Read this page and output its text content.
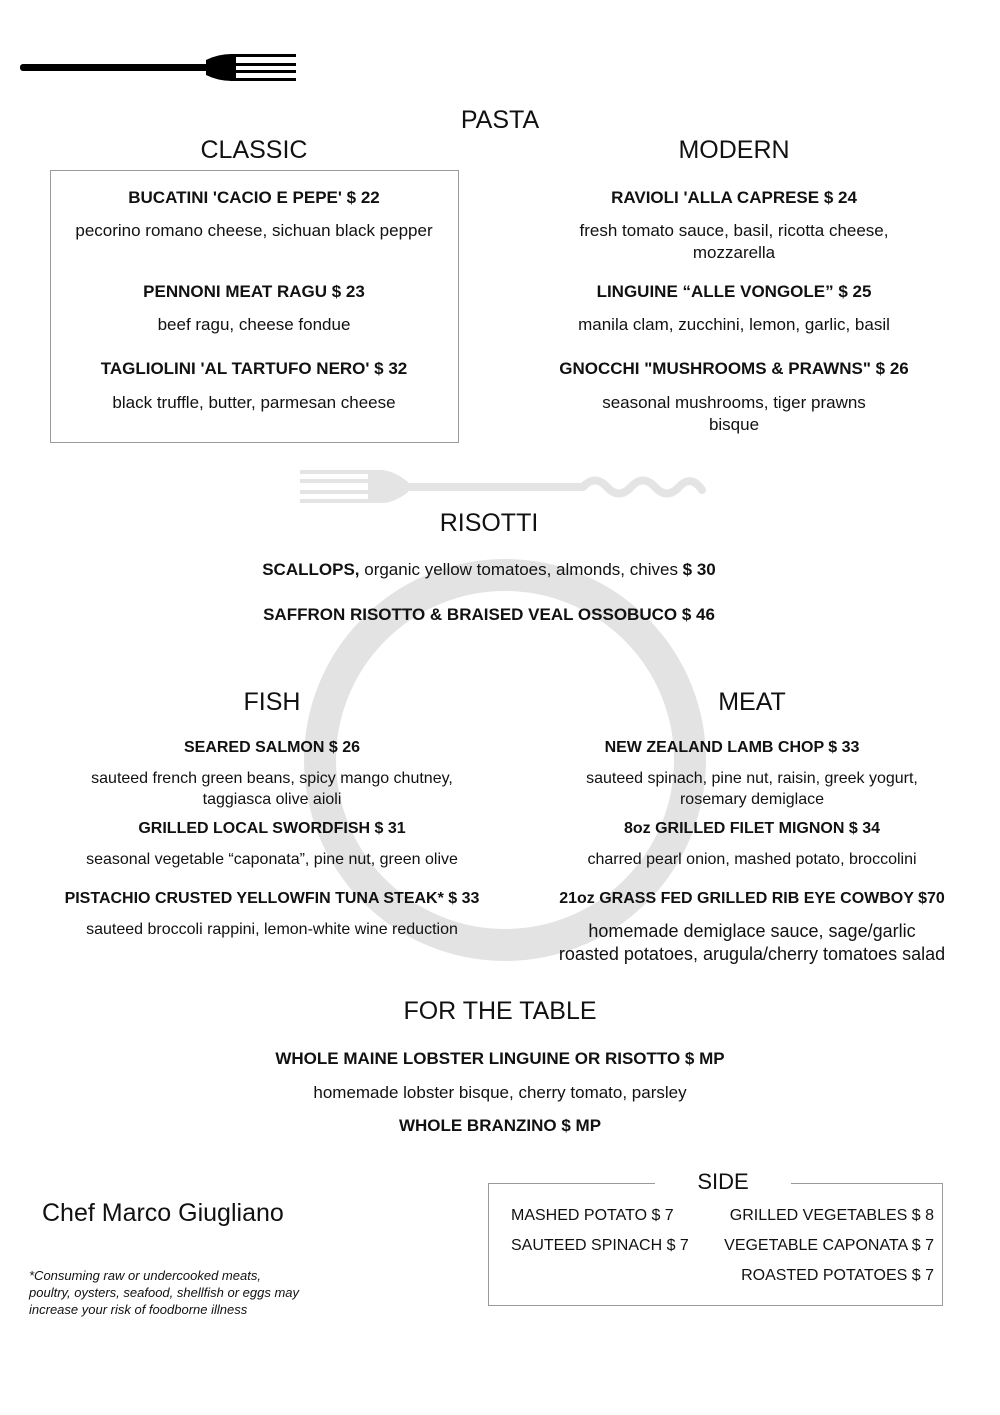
PASTA
CLASSIC	MODERN
BUCATINI 'CACIO E PEPE' $ 22
pecorino romano cheese, sichuan black pepper
PENNONI MEAT RAGU $ 23
beef ragu, cheese fondue
TAGLIOLINI 'AL TARTUFO NERO' $ 32
black truffle, butter, parmesan cheese
RAVIOLI 'ALLA CAPRESE $ 24
fresh tomato sauce, basil, ricotta cheese,
mozzarella
LINGUINE “ALLE VONGOLE” $ 25
manila clam, zucchini, lemon, garlic, basil
GNOCCHI "MUSHROOMS & PRAWNS" $ 26
seasonal mushrooms, tiger prawns
bisque
RISOTTI
SCALLOPS, organic yellow tomatoes, almonds, chives $ 30
SAFFRON RISOTTO & BRAISED VEAL OSSOBUCO $ 46
FISH
SEARED SALMON $ 26
sauteed french green beans, spicy mango chutney,
taggiasca olive aioli
GRILLED LOCAL SWORDFISH $ 31
seasonal vegetable “caponata”, pine nut, green olive
PISTACHIO CRUSTED YELLOWFIN TUNA STEAK* $ 33
sauteed broccoli rappini, lemon-white wine reduction
MEAT
NEW ZEALAND LAMB CHOP $ 33
sauteed spinach, pine nut, raisin, greek yogurt,
rosemary demiglace
8oz GRILLED FILET MIGNON $ 34
charred pearl onion, mashed potato, broccolini
21oz GRASS FED GRILLED RIB EYE COWBOY $70
homemade demiglace sauce, sage/garlic
roasted potatoes, arugula/cherry tomatoes salad
FOR THE TABLE
WHOLE MAINE LOBSTER LINGUINE OR RISOTTO $ MP
homemade lobster bisque, cherry tomato, parsley
WHOLE BRANZINO $ MP
Chef Marco Giugliano
*Consuming raw or undercooked meats,
poultry, oysters, seafood, shellfish or eggs may
increase your risk of foodborne illness
SIDE
MASHED POTATO $ 7	GRILLED VEGETABLES $ 8
SAUTEED SPINACH $ 7 VEGETABLE CAPONATA $ 7
ROASTED POTATOES $ 7
